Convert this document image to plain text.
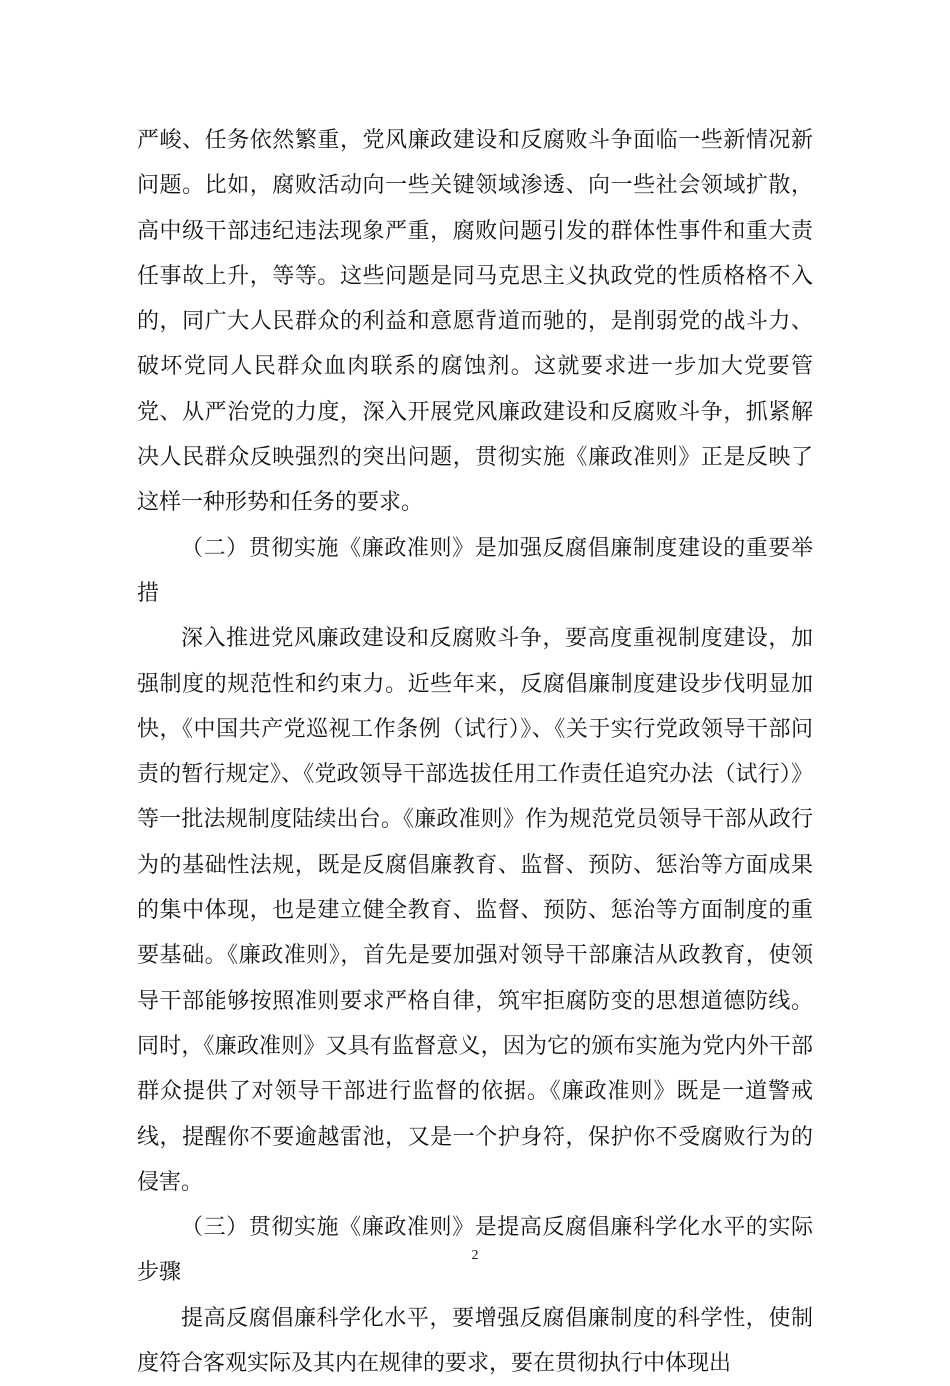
严峻、任务依然繁重，党风廉政建设和反腐败斗争面临一些新情况新问题。比如，腐败活动向一些关键领域渗透、向一些社会领域扩散，高中级干部违纪违法现象严重，腐败问题引发的群体性事件和重大责任事故上升，等等。这些问题是同马克思主义执政党的性质格格不入的，同广大人民群众的利益和意愿背道而驰的，是削弱党的战斗力、破坏党同人民群众血肉联系的腐蚀剂。这就要求进一步加大党要管党、从严治党的力度，深入开展党风廉政建设和反腐败斗争，抓紧解决人民群众反映强烈的突出问题，贯彻实施《廉政准则》正是反映了这样一种形势和任务的要求。

（二）贯彻实施《廉政准则》是加强反腐倡廉制度建设的重要举措

深入推进党风廉政建设和反腐败斗争，要高度重视制度建设，加强制度的规范性和约束力。近些年来，反腐倡廉制度建设步伐明显加快，《中国共产党巡视工作条例（试行）》、《关于实行党政领导干部问责的暂行规定》、《党政领导干部选拔任用工作责任追究办法（试行）》等一批法规制度陆续出台。《廉政准则》作为规范党员领导干部从政行为的基础性法规，既是反腐倡廉教育、监督、预防、惩治等方面成果的集中体现，也是建立健全教育、监督、预防、惩治等方面制度的重要基础。《廉政准则》，首先是要加强对领导干部廉洁从政教育，使领导干部能够按照准则要求严格自律，筑牢拒腐防变的思想道德防线。同时，《廉政准则》又具有监督意义，因为它的颁布实施为党内外干部群众提供了对领导干部进行监督的依据。《廉政准则》既是一道警戒线，提醒你不要逾越雷池，又是一个护身符，保护你不受腐败行为的侵害。

（三）贯彻实施《廉政准则》是提高反腐倡廉科学化水平的实际步骤

提高反腐倡廉科学化水平，要增强反腐倡廉制度的科学性，使制度符合客观实际及其内在规律的要求，要在贯彻执行中体现出

2
